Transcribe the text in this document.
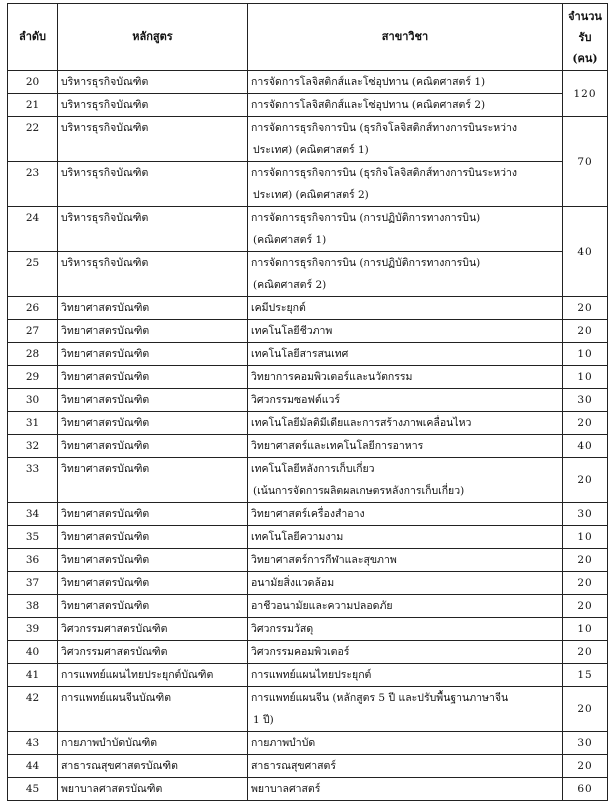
ลำดับ	หลักสูตร	สาขาวิชา	จำนวน
รับ
(คน)

20	บริหารธุรกิจบัณฑิต	การจัดการโลจิสติกส์และโซ่อุปทาน (คณิตศาสตร์ 1)	120
21	บริหารธุรกิจบัณฑิต	การจัดการโลจิสติกส์และโซ่อุปทาน (คณิตศาสตร์ 2)	

22	บริหารธุรกิจบัณฑิต	การจัดการธุรกิจการบิน (ธุรกิจโลจิสติกส์ทางการบินระหว่าง
ประเทศ) (คณิตศาสตร์ 1)	70
23	บริหารธุรกิจบัณฑิต	การจัดการธุรกิจการบิน (ธุรกิจโลจิสติกส์ทางการบินระหว่าง
ประเทศ) (คณิตศาสตร์ 2)	

24	บริหารธุรกิจบัณฑิต	การจัดการธุรกิจการบิน (การปฏิบัติการทางการบิน)
(คณิตศาสตร์ 1)	40
25	บริหารธุรกิจบัณฑิต	การจัดการธุรกิจการบิน (การปฏิบัติการทางการบิน)
(คณิตศาสตร์ 2)	

26	วิทยาศาสตรบัณฑิต	เคมีประยุกต์	20
27	วิทยาศาสตรบัณฑิต	เทคโนโลยีชีวภาพ	20
28	วิทยาศาสตรบัณฑิต	เทคโนโลยีสารสนเทศ	10
29	วิทยาศาสตรบัณฑิต	วิทยาการคอมพิวเตอร์และนวัตกรรม	10
30	วิทยาศาสตรบัณฑิต	วิศวกรรมซอฟต์แวร์	30
31	วิทยาศาสตรบัณฑิต	เทคโนโลยีมัลติมีเดียและการสร้างภาพเคลื่อนไหว	20
32	วิทยาศาสตรบัณฑิต	วิทยาศาสตร์และเทคโนโลยีการอาหาร	40
33	วิทยาศาสตรบัณฑิต	เทคโนโลยีหลังการเก็บเกี่ยว
(เน้นการจัดการผลิตผลเกษตรหลังการเก็บเกี่ยว)	20
34	วิทยาศาสตรบัณฑิต	วิทยาศาสตร์เครื่องสำอาง	30
35	วิทยาศาสตรบัณฑิต	เทคโนโลยีความงาม	10
36	วิทยาศาสตรบัณฑิต	วิทยาศาสตร์การกีฬาและสุขภาพ	20
37	วิทยาศาสตรบัณฑิต	อนามัยสิ่งแวดล้อม	20
38	วิทยาศาสตรบัณฑิต	อาชีวอนามัยและความปลอดภัย	20
39	วิศวกรรมศาสตรบัณฑิต	วิศวกรรมวัสดุ	10
40	วิศวกรรมศาสตรบัณฑิต	วิศวกรรมคอมพิวเตอร์	20
41	การแพทย์แผนไทยประยุกต์บัณฑิต	การแพทย์แผนไทยประยุกต์	15
42	การแพทย์แผนจีนบัณฑิต	การแพทย์แผนจีน (หลักสูตร 5 ปี และปรับพื้นฐานภาษาจีน
1 ปี)	20
43	กายภาพบำบัดบัณฑิต	กายภาพบำบัด	30
44	สาธารณสุขศาสตรบัณฑิต	สาธารณสุขศาสตร์	20
45	พยาบาลศาสตรบัณฑิต	พยาบาลศาสตร์	60
